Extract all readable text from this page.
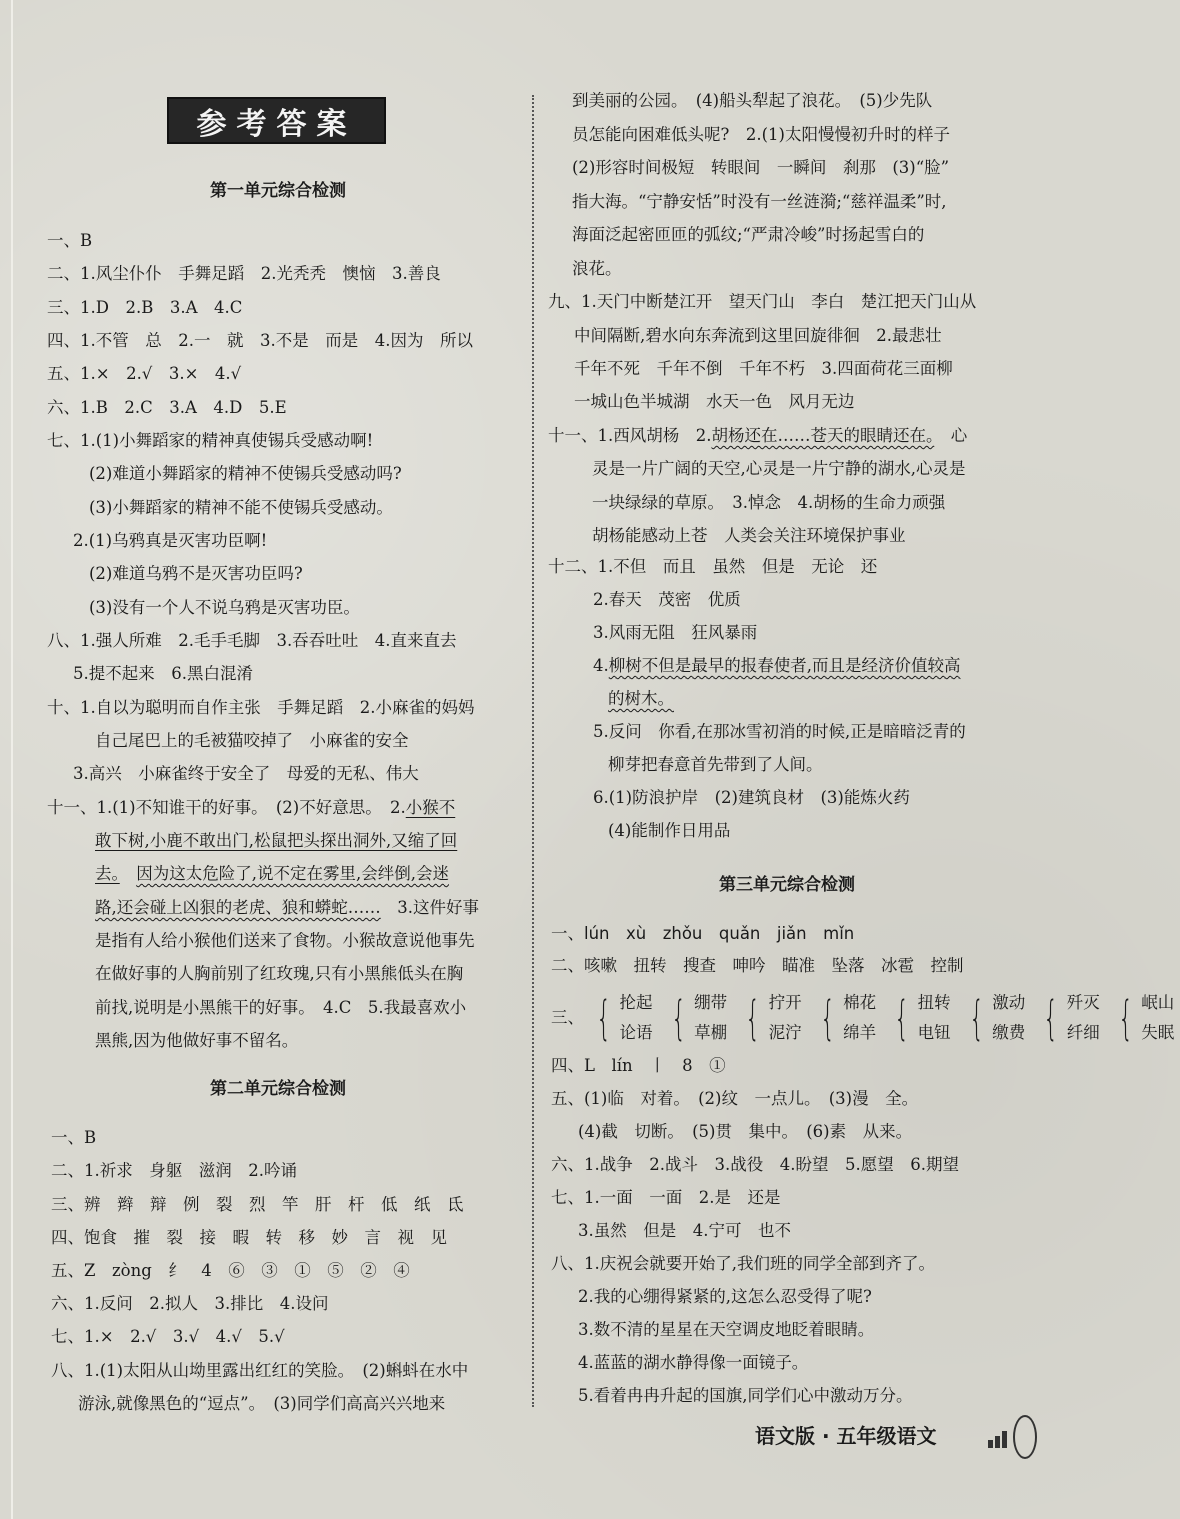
参考答案
第一单元综合检测
一、B
二、1.风尘仆仆　手舞足蹈　2.光秃秃　懊恼　3.善良
三、1.D　2.B　3.A　4.C
四、1.不管　总　2.一　就　3.不是　而是　4.因为　所以
五、1.×　2.√　3.×　4.√
六、1.B　2.C　3.A　4.D　5.E
七、1.(1)小舞蹈家的精神真使锡兵受感动啊!
(2)难道小舞蹈家的精神不使锡兵受感动吗?
(3)小舞蹈家的精神不能不使锡兵受感动。
2.(1)乌鸦真是灭害功臣啊!
(2)难道乌鸦不是灭害功臣吗?
(3)没有一个人不说乌鸦是灭害功臣。
八、1.强人所难　2.毛手毛脚　3.吞吞吐吐　4.直来直去
5.提不起来　6.黑白混淆
十、1.自以为聪明而自作主张　手舞足蹈　2.小麻雀的妈妈
自己尾巴上的毛被猫咬掉了　小麻雀的安全
3.高兴　小麻雀终于安全了　母爱的无私、伟大
十一、1.(1)不知谁干的好事。　(2)不好意思。　2.小猴不
敢下树,小鹿不敢出门,松鼠把头探出洞外,又缩了回
去。　 因为这太危险了,说不定在雾里,会绊倒,会迷
路,还会碰上凶狠的老虎、狼和蟒蛇……　3.这件好事
是指有人给小猴他们送来了食物。小猴故意说他事先
在做好事的人胸前别了红玫瑰,只有小黑熊低头在胸
前找,说明是小黑熊干的好事。　4.C　5.我最喜欢小
黑熊,因为他做好事不留名。
第二单元综合检测
一、B
二、1.祈求　身躯　滋润　2.吟诵
三、辨　辫　辩　例　裂　烈　竿　肝　杆　低　纸　氐
四、饱食　摧　裂　接　暇　转　移　妙　言　视　见
五、Z　zòng　纟　4　⑥　③　①　⑤　②　④
六、1.反问　2.拟人　3.排比　4.设问
七、1.×　2.√　3.√　4.√　5.√
八、1.(1)太阳从山坳里露出红红的笑脸。　(2)蝌蚪在水中
游泳,就像黑色的“逗点”。　(3)同学们高高兴兴地来
到美丽的公园。　(4)船头犁起了浪花。　(5)少先队
员怎能向困难低头呢?　2.(1)太阳慢慢初升时的样子
(2)形容时间极短　转眼间　一瞬间　刹那　(3)“脸”
指大海。“宁静安恬”时没有一丝涟漪;“慈祥温柔”时,
海面泛起密匝匝的弧纹;“严肃冷峻”时扬起雪白的
浪花。
九、1.天门中断楚江开　望天门山　李白　楚江把天门山从
中间隔断,碧水向东奔流到这里回旋徘徊　2.最悲壮
千年不死　千年不倒　千年不朽　3.四面荷花三面柳
一城山色半城湖　水天一色　风月无边
十一、1.西风胡杨　2.胡杨还在……苍天的眼睛还在。　心
灵是一片广阔的天空,心灵是一片宁静的湖水,心灵是
一块绿绿的草原。　3.悼念　4.胡杨的生命力顽强
胡杨能感动上苍　人类会关注环境保护事业
十二、1.不但　而且　虽然　但是　无论　还
2.春天　茂密　优质
3.风雨无阻　狂风暴雨
4.柳树不但是最早的报春使者,而且是经济价值较高
的树木。
5.反问　你看,在那冰雪初消的时候,正是暗暗泛青的
柳芽把春意首先带到了人间。
6.(1)防浪护岸　(2)建筑良材　(3)能炼火药
(4)能制作日用品
第三单元综合检测
一、lún　xù　zhǒu　quǎn　jiǎn　mǐn
二、咳嗽　扭转　搜查　呻吟　瞄准　坠落　冰雹　控制
三、 { 抡起
论语
{ 绷带
草棚
{ 拧开
泥泞
{ 棉花
绵羊
{ 扭转
电钮
{ 激动
缴费
{ 歼灭
纤细
{ 岷山
失眠
四、L　lín　丨　8　①
五、(1)临　对着。　(2)纹　一点儿。　(3)漫　全。
(4)截　切断。　(5)贯　集中。　(6)素　从来。
六、1.战争　2.战斗　3.战役　4.盼望　5.愿望　6.期望
七、1.一面　一面　2.是　还是
3.虽然　但是　4.宁可　也不
八、1.庆祝会就要开始了,我们班的同学全部到齐了。
2.我的心绷得紧紧的,这怎么忍受得了呢?
3.数不清的星星在天空调皮地眨着眼睛。
4.蓝蓝的湖水静得像一面镜子。
5.看着冉冉升起的国旗,同学们心中激动万分。
语文版 · 五年级语文
